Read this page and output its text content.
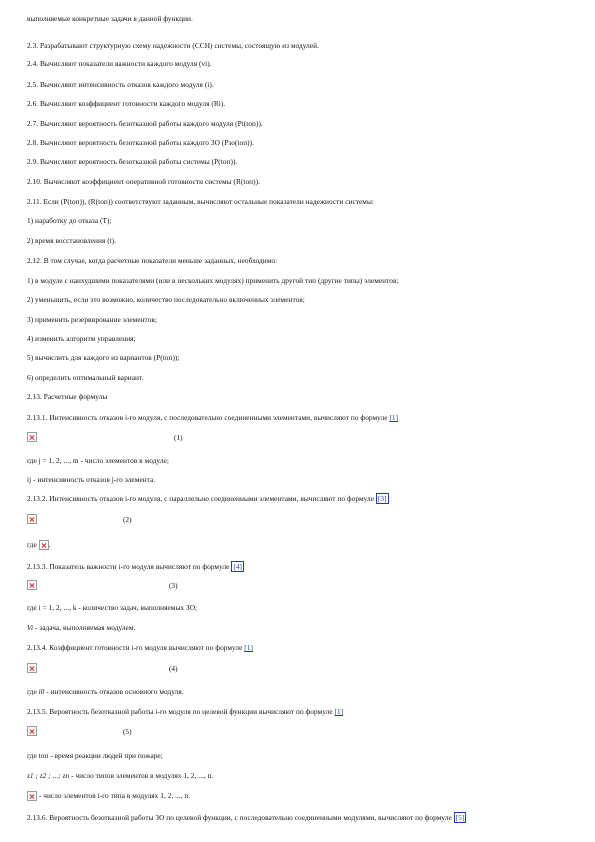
выполняемые конкретные задачи в данной функции.
2.3. Разрабатывают структурную схему надежности (ССН) системы, состоящую из модулей.
2.4. Вычисляют показатели важности каждого модуля (vi).
2.5. Вычисляют интенсивность отказов каждого модуля (i).
2.6. Вычисляют коэффициент готовности каждого модуля (Ri).
2.7. Вычисляют вероятность безотказной работы каждого модуля (Pi(tоп)).
2.8. Вычисляют вероятность безотказной работы каждого ЗО (Pзо(tоп)).
2.9. Вычисляют вероятность безотказной работы системы (Р(tоп)).
2.10. Вычисляют коэффициент оперативной готовности системы (R(tоп)).
2.11. Если (P(tоп)), (R(tоп)) соответствуют заданным, вычисляют остальные показатели надежности системы:
1) наработку до отказа (T);
2) время восстановления (t).
2.12. В том случае, когда расчетные показатели меньше заданных, необходимо:
1) в модуле с наихудшими показателями (или в нескольких модулях) применить другой тип (другие типы) элементов;
2) уменьшить, если это возможно, количество последовательно включенных элементов;
3) применить резервирование элементов;
4) изменить алгоритм управления;
5) вычислить для каждого из вариантов (Р(tоп));
6) определить оптимальный вариант.
2.13. Расчетные формулы
2.13.1. Интенсивность отказов i-го модуля, с последовательно соединенными элементами, вычисляют по формуле [1]
(1)
где j = 1, 2, ..., m - число элементов в модуле;
ij - интенсивность отказов j-го элемента.
2.13.2. Интенсивность отказов i-го модуля, с параллельно соединенными элементами, вычисляют по формуле [3]
(2)
где .
2.13.3. Показатель важности i-го модуля вычисляют по формуле [4]
(3)
где i = 1, 2, ..., k - количество задач, выполняемых ЗО;
Vi - задача, выполняемая модулем.
2.13.4. Коэффициент готовности i-го модуля вычисляют по формуле [1]
(4)
где i0 - интенсивность отказов основного модуля.
2.13.5. Вероятность безотказной работы i-го модуля по целевой функции вычисляют по формуле [1]
(5)
где tоп - время реакции людей при пожаре;
z1 ; z2 ; ...; zn - число типов элементов в модулях 1, 2, ..., n.
- число элементов i-го типа в модулях 1, 2, ..., n.
2.13.6. Вероятность безотказной работы ЗО по целевой функции, с последовательно соединенными модулями, вычисляют по формуле [5]
